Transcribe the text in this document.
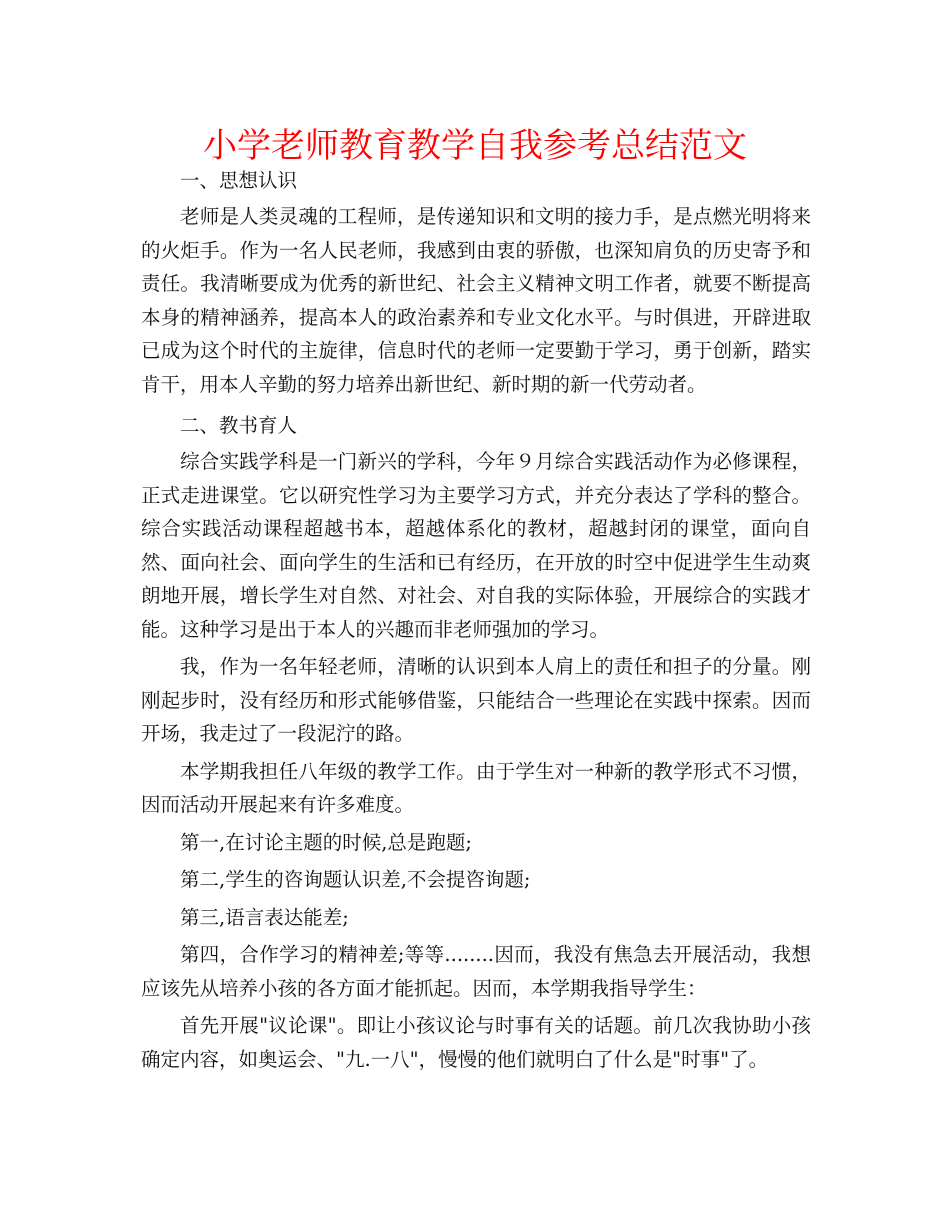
小学老师教育教学自我参考总结范文

一、思想认识

老师是人类灵魂的工程师，是传递知识和文明的接力手，是点燃光明将来的火炬手。作为一名人民老师，我感到由衷的骄傲，也深知肩负的历史寄予和责任。我清晰要成为优秀的新世纪、社会主义精神文明工作者，就要不断提高本身的精神涵养，提高本人的政治素养和专业文化水平。与时俱进，开辟进取已成为这个时代的主旋律，信息时代的老师一定要勤于学习，勇于创新，踏实肯干，用本人辛勤的努力培养出新世纪、新时期的新一代劳动者。

二、教书育人

综合实践学科是一门新兴的学科，今年９月综合实践活动作为必修课程，正式走进课堂。它以研究性学习为主要学习方式，并充分表达了学科的整合。综合实践活动课程超越书本，超越体系化的教材，超越封闭的课堂，面向自然、面向社会、面向学生的生活和已有经历，在开放的时空中促进学生生动爽朗地开展，增长学生对自然、对社会、对自我的实际体验，开展综合的实践才能。这种学习是出于本人的兴趣而非老师强加的学习。

我，作为一名年轻老师，清晰的认识到本人肩上的责任和担子的分量。刚刚起步时，没有经历和形式能够借鉴，只能结合一些理论在实践中探索。因而开场，我走过了一段泥泞的路。

本学期我担任八年级的教学工作。由于学生对一种新的教学形式不习惯，因而活动开展起来有许多难度。

第一,在讨论主题的时候,总是跑题;

第二,学生的咨询题认识差,不会提咨询题;

第三,语言表达能差;

第四，合作学习的精神差;等等........因而，我没有焦急去开展活动，我想应该先从培养小孩的各方面才能抓起。因而，本学期我指导学生：

首先开展"议论课"。即让小孩议论与时事有关的话题。前几次我协助小孩确定内容，如奥运会、"九.一八"，慢慢的他们就明白了什么是"时事"了。
